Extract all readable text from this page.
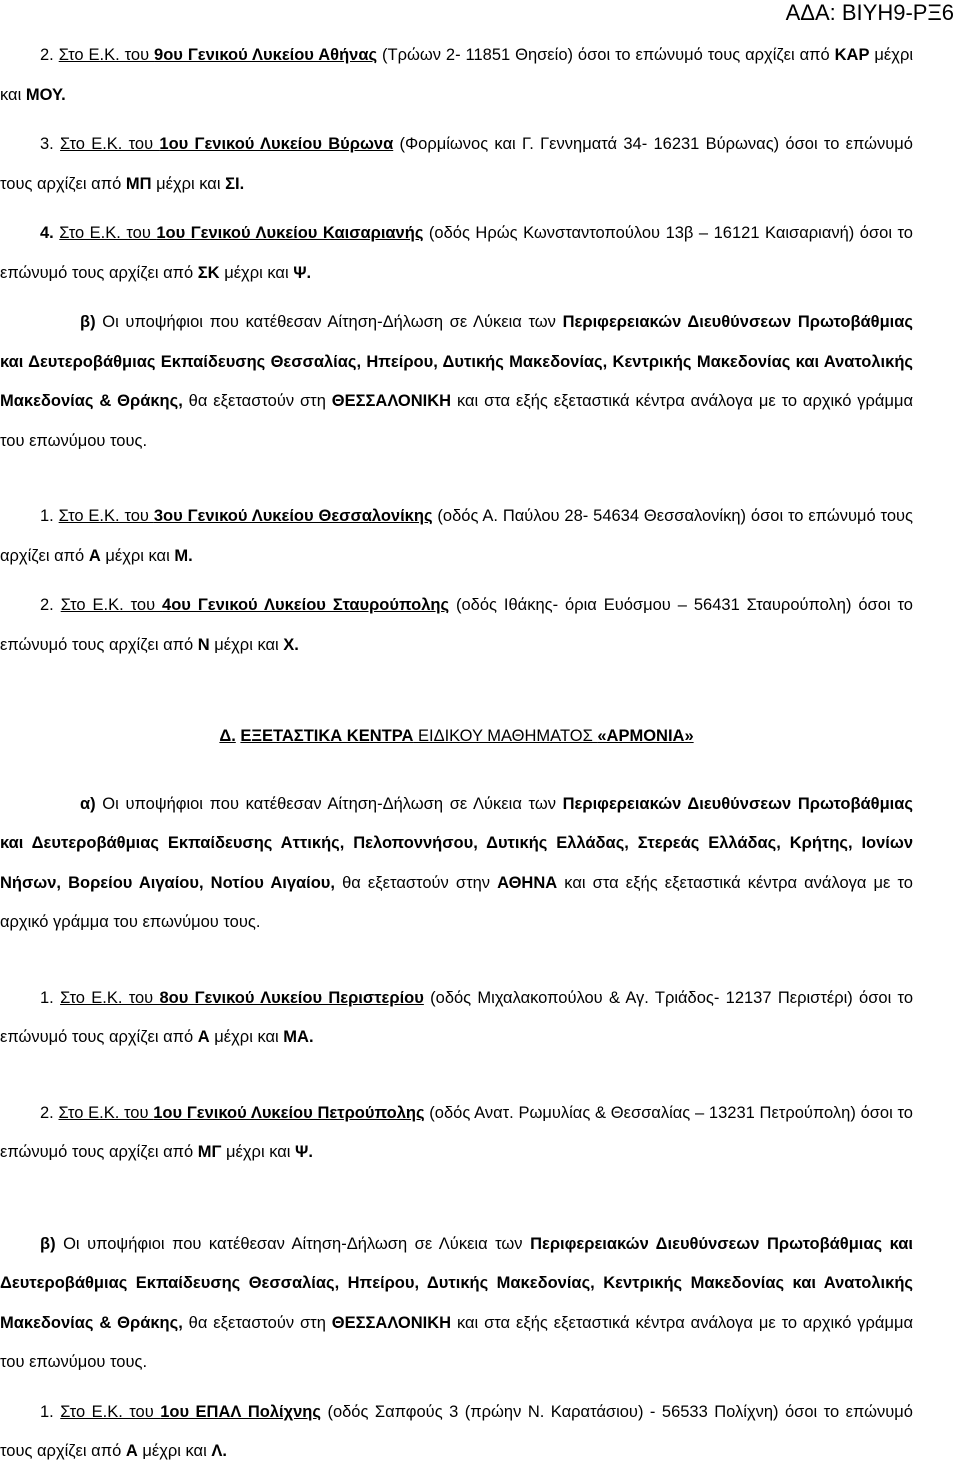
ΑΔΑ: ΒΙΥΗ9-ΡΞ6

2. Στο Ε.Κ. του 9ου Γενικού Λυκείου Αθήνας (Τρώων 2- 11851 Θησείο) όσοι το επώνυμό τους αρχίζει από ΚΑΡ μέχρι και ΜΟΥ.

3. Στο Ε.Κ. του 1ου Γενικού Λυκείου Βύρωνα (Φορμίωνος και Γ. Γεννηματά 34- 16231 Βύρωνας) όσοι το επώνυμό τους αρχίζει από ΜΠ μέχρι και ΣΙ.

4. Στο Ε.Κ. του 1ου Γενικού Λυκείου Καισαριανής (οδός Ηρώς Κωνσταντοπούλου 13β – 16121 Καισαριανή) όσοι το επώνυμό τους αρχίζει από ΣΚ μέχρι και Ψ.

β) Οι υποψήφιοι που κατέθεσαν Αίτηση-Δήλωση σε Λύκεια των Περιφερειακών Διευθύνσεων Πρωτοβάθμιας και Δευτεροβάθμιας Εκπαίδευσης Θεσσαλίας, Ηπείρου, Δυτικής Μακεδονίας, Κεντρικής Μακεδονίας και Ανατολικής Μακεδονίας & Θράκης, θα εξεταστούν στη ΘΕΣΣΑΛΟΝΙΚΗ και στα εξής εξεταστικά κέντρα ανάλογα με το αρχικό γράμμα του επωνύμου τους.

1. Στο Ε.Κ. του 3ου Γενικού Λυκείου Θεσσαλονίκης (οδός Α. Παύλου 28- 54634 Θεσσαλονίκη) όσοι το επώνυμό τους αρχίζει από Α μέχρι και Μ.

2. Στο Ε.Κ. του 4ου Γενικού Λυκείου Σταυρούπολης (οδός Ιθάκης- όρια Ευόσμου – 56431 Σταυρούπολη) όσοι το επώνυμό τους αρχίζει από Ν μέχρι και Χ.

Δ. ΕΞΕΤΑΣΤΙΚΑ ΚΕΝΤΡΑ ΕΙΔΙΚΟΥ ΜΑΘΗΜΑΤΟΣ «ΑΡΜΟΝΙΑ»

α) Οι υποψήφιοι που κατέθεσαν Αίτηση-Δήλωση σε Λύκεια των Περιφερειακών Διευθύνσεων Πρωτοβάθμιας και Δευτεροβάθμιας Εκπαίδευσης Αττικής, Πελοποννήσου, Δυτικής Ελλάδας, Στερεάς Ελλάδας, Κρήτης, Ιονίων Νήσων, Βορείου Αιγαίου, Νοτίου Αιγαίου, θα εξεταστούν στην ΑΘΗΝΑ και στα εξής εξεταστικά κέντρα ανάλογα με το αρχικό γράμμα του επωνύμου τους.

1. Στο Ε.Κ. του 8ου Γενικού Λυκείου Περιστερίου (οδός Μιχαλακοπούλου & Αγ. Τριάδος- 12137 Περιστέρι) όσοι το επώνυμό τους αρχίζει από Α μέχρι και ΜΑ.

2. Στο Ε.Κ. του 1ου Γενικού Λυκείου Πετρούπολης (οδός Ανατ. Ρωμυλίας & Θεσσαλίας – 13231 Πετρούπολη) όσοι το επώνυμό τους αρχίζει από ΜΓ μέχρι και Ψ.

β) Οι υποψήφιοι που κατέθεσαν Αίτηση-Δήλωση σε Λύκεια των Περιφερειακών Διευθύνσεων Πρωτοβάθμιας και Δευτεροβάθμιας Εκπαίδευσης Θεσσαλίας, Ηπείρου, Δυτικής Μακεδονίας, Κεντρικής Μακεδονίας και Ανατολικής Μακεδονίας & Θράκης, θα εξεταστούν στη ΘΕΣΣΑΛΟΝΙΚΗ και στα εξής εξεταστικά κέντρα ανάλογα με το αρχικό γράμμα του επωνύμου τους.

1. Στο Ε.Κ. του 1ου ΕΠΑΛ Πολίχνης (οδός Σαπφούς 3 (πρώην Ν. Καρατάσιου) - 56533 Πολίχνη) όσοι το επώνυμό τους αρχίζει από Α μέχρι και Λ.
